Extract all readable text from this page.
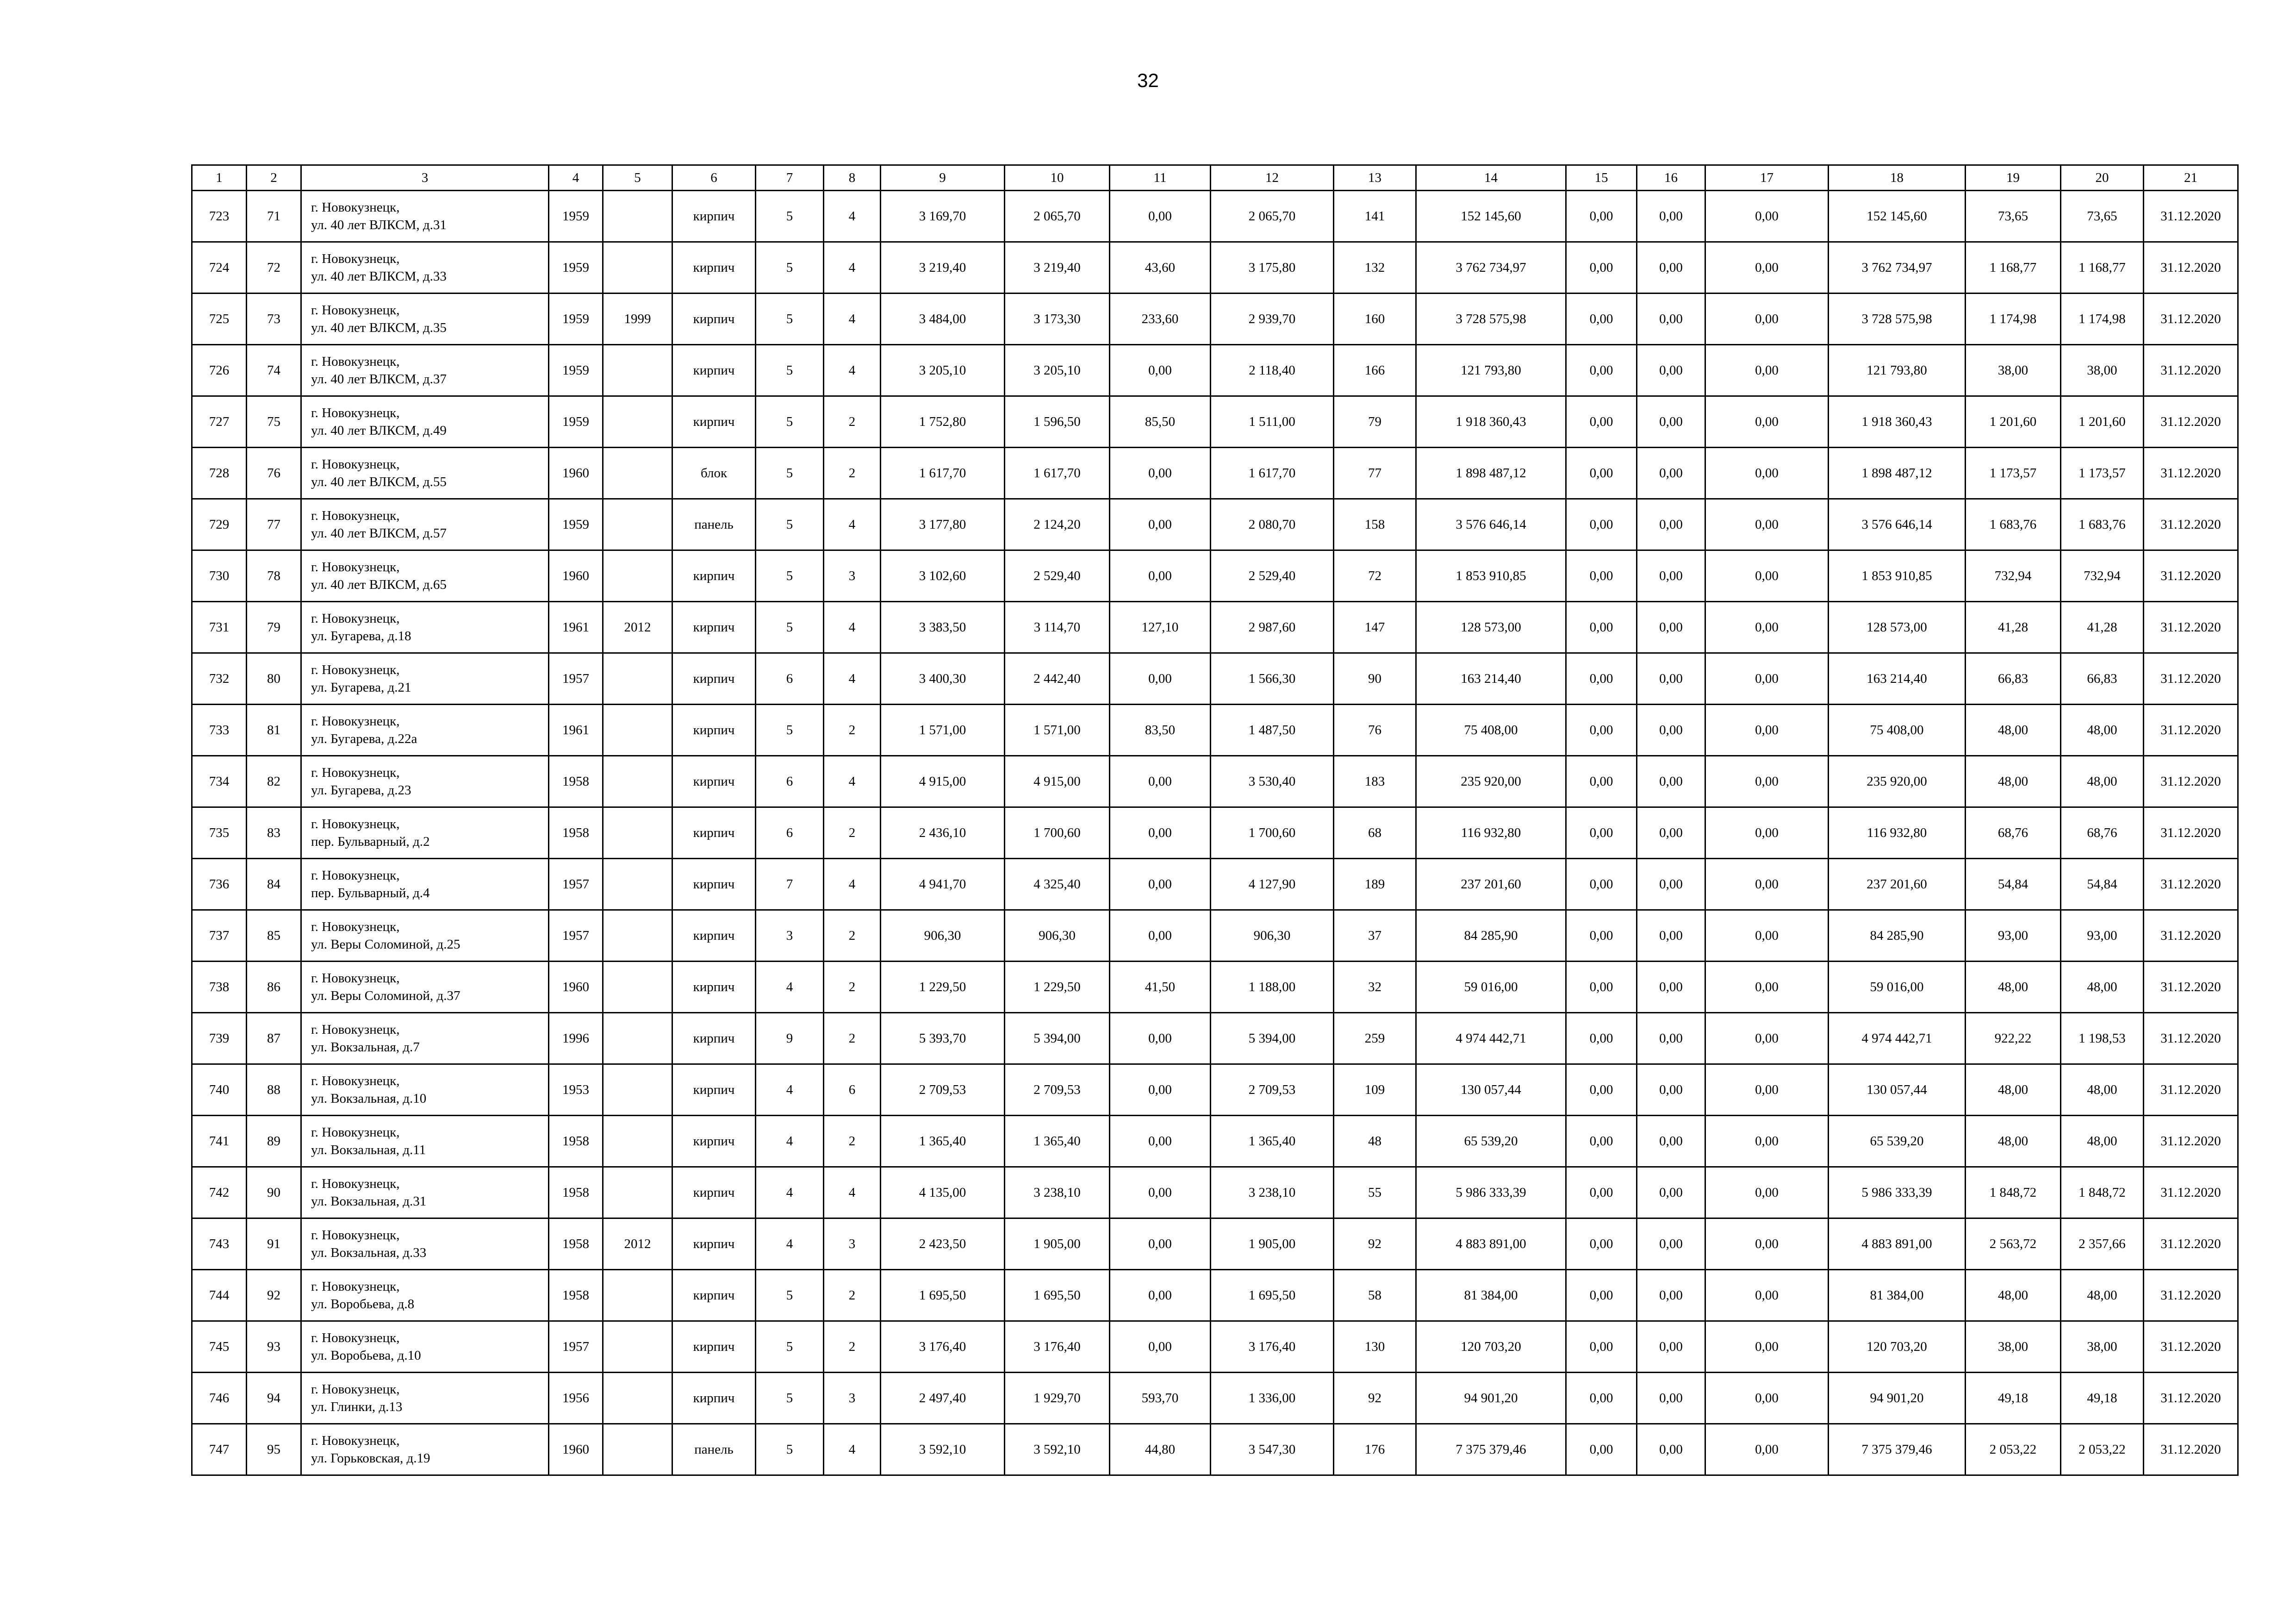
32
1	2	3	4	5	6	7	8	9	10	11	12	13	14	15	16	17	18	19	20	21
723	71	г. Новокузнецк,
ул. 40 лет ВЛКСМ, д.31	1959		кирпич	5	4	3 169,70	2 065,70	0,00	2 065,70	141	152 145,60	0,00	0,00	0,00	152 145,60	73,65	73,65	31.12.2020
724	72	г. Новокузнецк,
ул. 40 лет ВЛКСМ, д.33	1959		кирпич	5	4	3 219,40	3 219,40	43,60	3 175,80	132	3 762 734,97	0,00	0,00	0,00	3 762 734,97	1 168,77	1 168,77	31.12.2020
725	73	г. Новокузнецк,
ул. 40 лет ВЛКСМ, д.35	1959	1999	кирпич	5	4	3 484,00	3 173,30	233,60	2 939,70	160	3 728 575,98	0,00	0,00	0,00	3 728 575,98	1 174,98	1 174,98	31.12.2020
726	74	г. Новокузнецк,
ул. 40 лет ВЛКСМ, д.37	1959		кирпич	5	4	3 205,10	3 205,10	0,00	2 118,40	166	121 793,80	0,00	0,00	0,00	121 793,80	38,00	38,00	31.12.2020
727	75	г. Новокузнецк,
ул. 40 лет ВЛКСМ, д.49	1959		кирпич	5	2	1 752,80	1 596,50	85,50	1 511,00	79	1 918 360,43	0,00	0,00	0,00	1 918 360,43	1 201,60	1 201,60	31.12.2020
728	76	г. Новокузнецк,
ул. 40 лет ВЛКСМ, д.55	1960		блок	5	2	1 617,70	1 617,70	0,00	1 617,70	77	1 898 487,12	0,00	0,00	0,00	1 898 487,12	1 173,57	1 173,57	31.12.2020
729	77	г. Новокузнецк,
ул. 40 лет ВЛКСМ, д.57	1959		панель	5	4	3 177,80	2 124,20	0,00	2 080,70	158	3 576 646,14	0,00	0,00	0,00	3 576 646,14	1 683,76	1 683,76	31.12.2020
730	78	г. Новокузнецк,
ул. 40 лет ВЛКСМ, д.65	1960		кирпич	5	3	3 102,60	2 529,40	0,00	2 529,40	72	1 853 910,85	0,00	0,00	0,00	1 853 910,85	732,94	732,94	31.12.2020
731	79	г. Новокузнецк,
ул. Бугарева, д.18	1961	2012	кирпич	5	4	3 383,50	3 114,70	127,10	2 987,60	147	128 573,00	0,00	0,00	0,00	128 573,00	41,28	41,28	31.12.2020
732	80	г. Новокузнецк,
ул. Бугарева, д.21	1957		кирпич	6	4	3 400,30	2 442,40	0,00	1 566,30	90	163 214,40	0,00	0,00	0,00	163 214,40	66,83	66,83	31.12.2020
733	81	г. Новокузнецк,
ул. Бугарева, д.22а	1961		кирпич	5	2	1 571,00	1 571,00	83,50	1 487,50	76	75 408,00	0,00	0,00	0,00	75 408,00	48,00	48,00	31.12.2020
734	82	г. Новокузнецк,
ул. Бугарева, д.23	1958		кирпич	6	4	4 915,00	4 915,00	0,00	3 530,40	183	235 920,00	0,00	0,00	0,00	235 920,00	48,00	48,00	31.12.2020
735	83	г. Новокузнецк,
пер. Бульварный, д.2	1958		кирпич	6	2	2 436,10	1 700,60	0,00	1 700,60	68	116 932,80	0,00	0,00	0,00	116 932,80	68,76	68,76	31.12.2020
736	84	г. Новокузнецк,
пер. Бульварный, д.4	1957		кирпич	7	4	4 941,70	4 325,40	0,00	4 127,90	189	237 201,60	0,00	0,00	0,00	237 201,60	54,84	54,84	31.12.2020
737	85	г. Новокузнецк,
ул. Веры Соломиной, д.25	1957		кирпич	3	2	906,30	906,30	0,00	906,30	37	84 285,90	0,00	0,00	0,00	84 285,90	93,00	93,00	31.12.2020
738	86	г. Новокузнецк,
ул. Веры Соломиной, д.37	1960		кирпич	4	2	1 229,50	1 229,50	41,50	1 188,00	32	59 016,00	0,00	0,00	0,00	59 016,00	48,00	48,00	31.12.2020
739	87	г. Новокузнецк,
ул. Вокзальная, д.7	1996		кирпич	9	2	5 393,70	5 394,00	0,00	5 394,00	259	4 974 442,71	0,00	0,00	0,00	4 974 442,71	922,22	1 198,53	31.12.2020
740	88	г. Новокузнецк,
ул. Вокзальная, д.10	1953		кирпич	4	6	2 709,53	2 709,53	0,00	2 709,53	109	130 057,44	0,00	0,00	0,00	130 057,44	48,00	48,00	31.12.2020
741	89	г. Новокузнецк,
ул. Вокзальная, д.11	1958		кирпич	4	2	1 365,40	1 365,40	0,00	1 365,40	48	65 539,20	0,00	0,00	0,00	65 539,20	48,00	48,00	31.12.2020
742	90	г. Новокузнецк,
ул. Вокзальная, д.31	1958		кирпич	4	4	4 135,00	3 238,10	0,00	3 238,10	55	5 986 333,39	0,00	0,00	0,00	5 986 333,39	1 848,72	1 848,72	31.12.2020
743	91	г. Новокузнецк,
ул. Вокзальная, д.33	1958	2012	кирпич	4	3	2 423,50	1 905,00	0,00	1 905,00	92	4 883 891,00	0,00	0,00	0,00	4 883 891,00	2 563,72	2 357,66	31.12.2020
744	92	г. Новокузнецк,
ул. Воробьева, д.8	1958		кирпич	5	2	1 695,50	1 695,50	0,00	1 695,50	58	81 384,00	0,00	0,00	0,00	81 384,00	48,00	48,00	31.12.2020
745	93	г. Новокузнецк,
ул. Воробьева, д.10	1957		кирпич	5	2	3 176,40	3 176,40	0,00	3 176,40	130	120 703,20	0,00	0,00	0,00	120 703,20	38,00	38,00	31.12.2020
746	94	г. Новокузнецк,
ул. Глинки, д.13	1956		кирпич	5	3	2 497,40	1 929,70	593,70	1 336,00	92	94 901,20	0,00	0,00	0,00	94 901,20	49,18	49,18	31.12.2020
747	95	г. Новокузнецк,
ул. Горьковская, д.19	1960		панель	5	4	3 592,10	3 592,10	44,80	3 547,30	176	7 375 379,46	0,00	0,00	0,00	7 375 379,46	2 053,22	2 053,22	31.12.2020
